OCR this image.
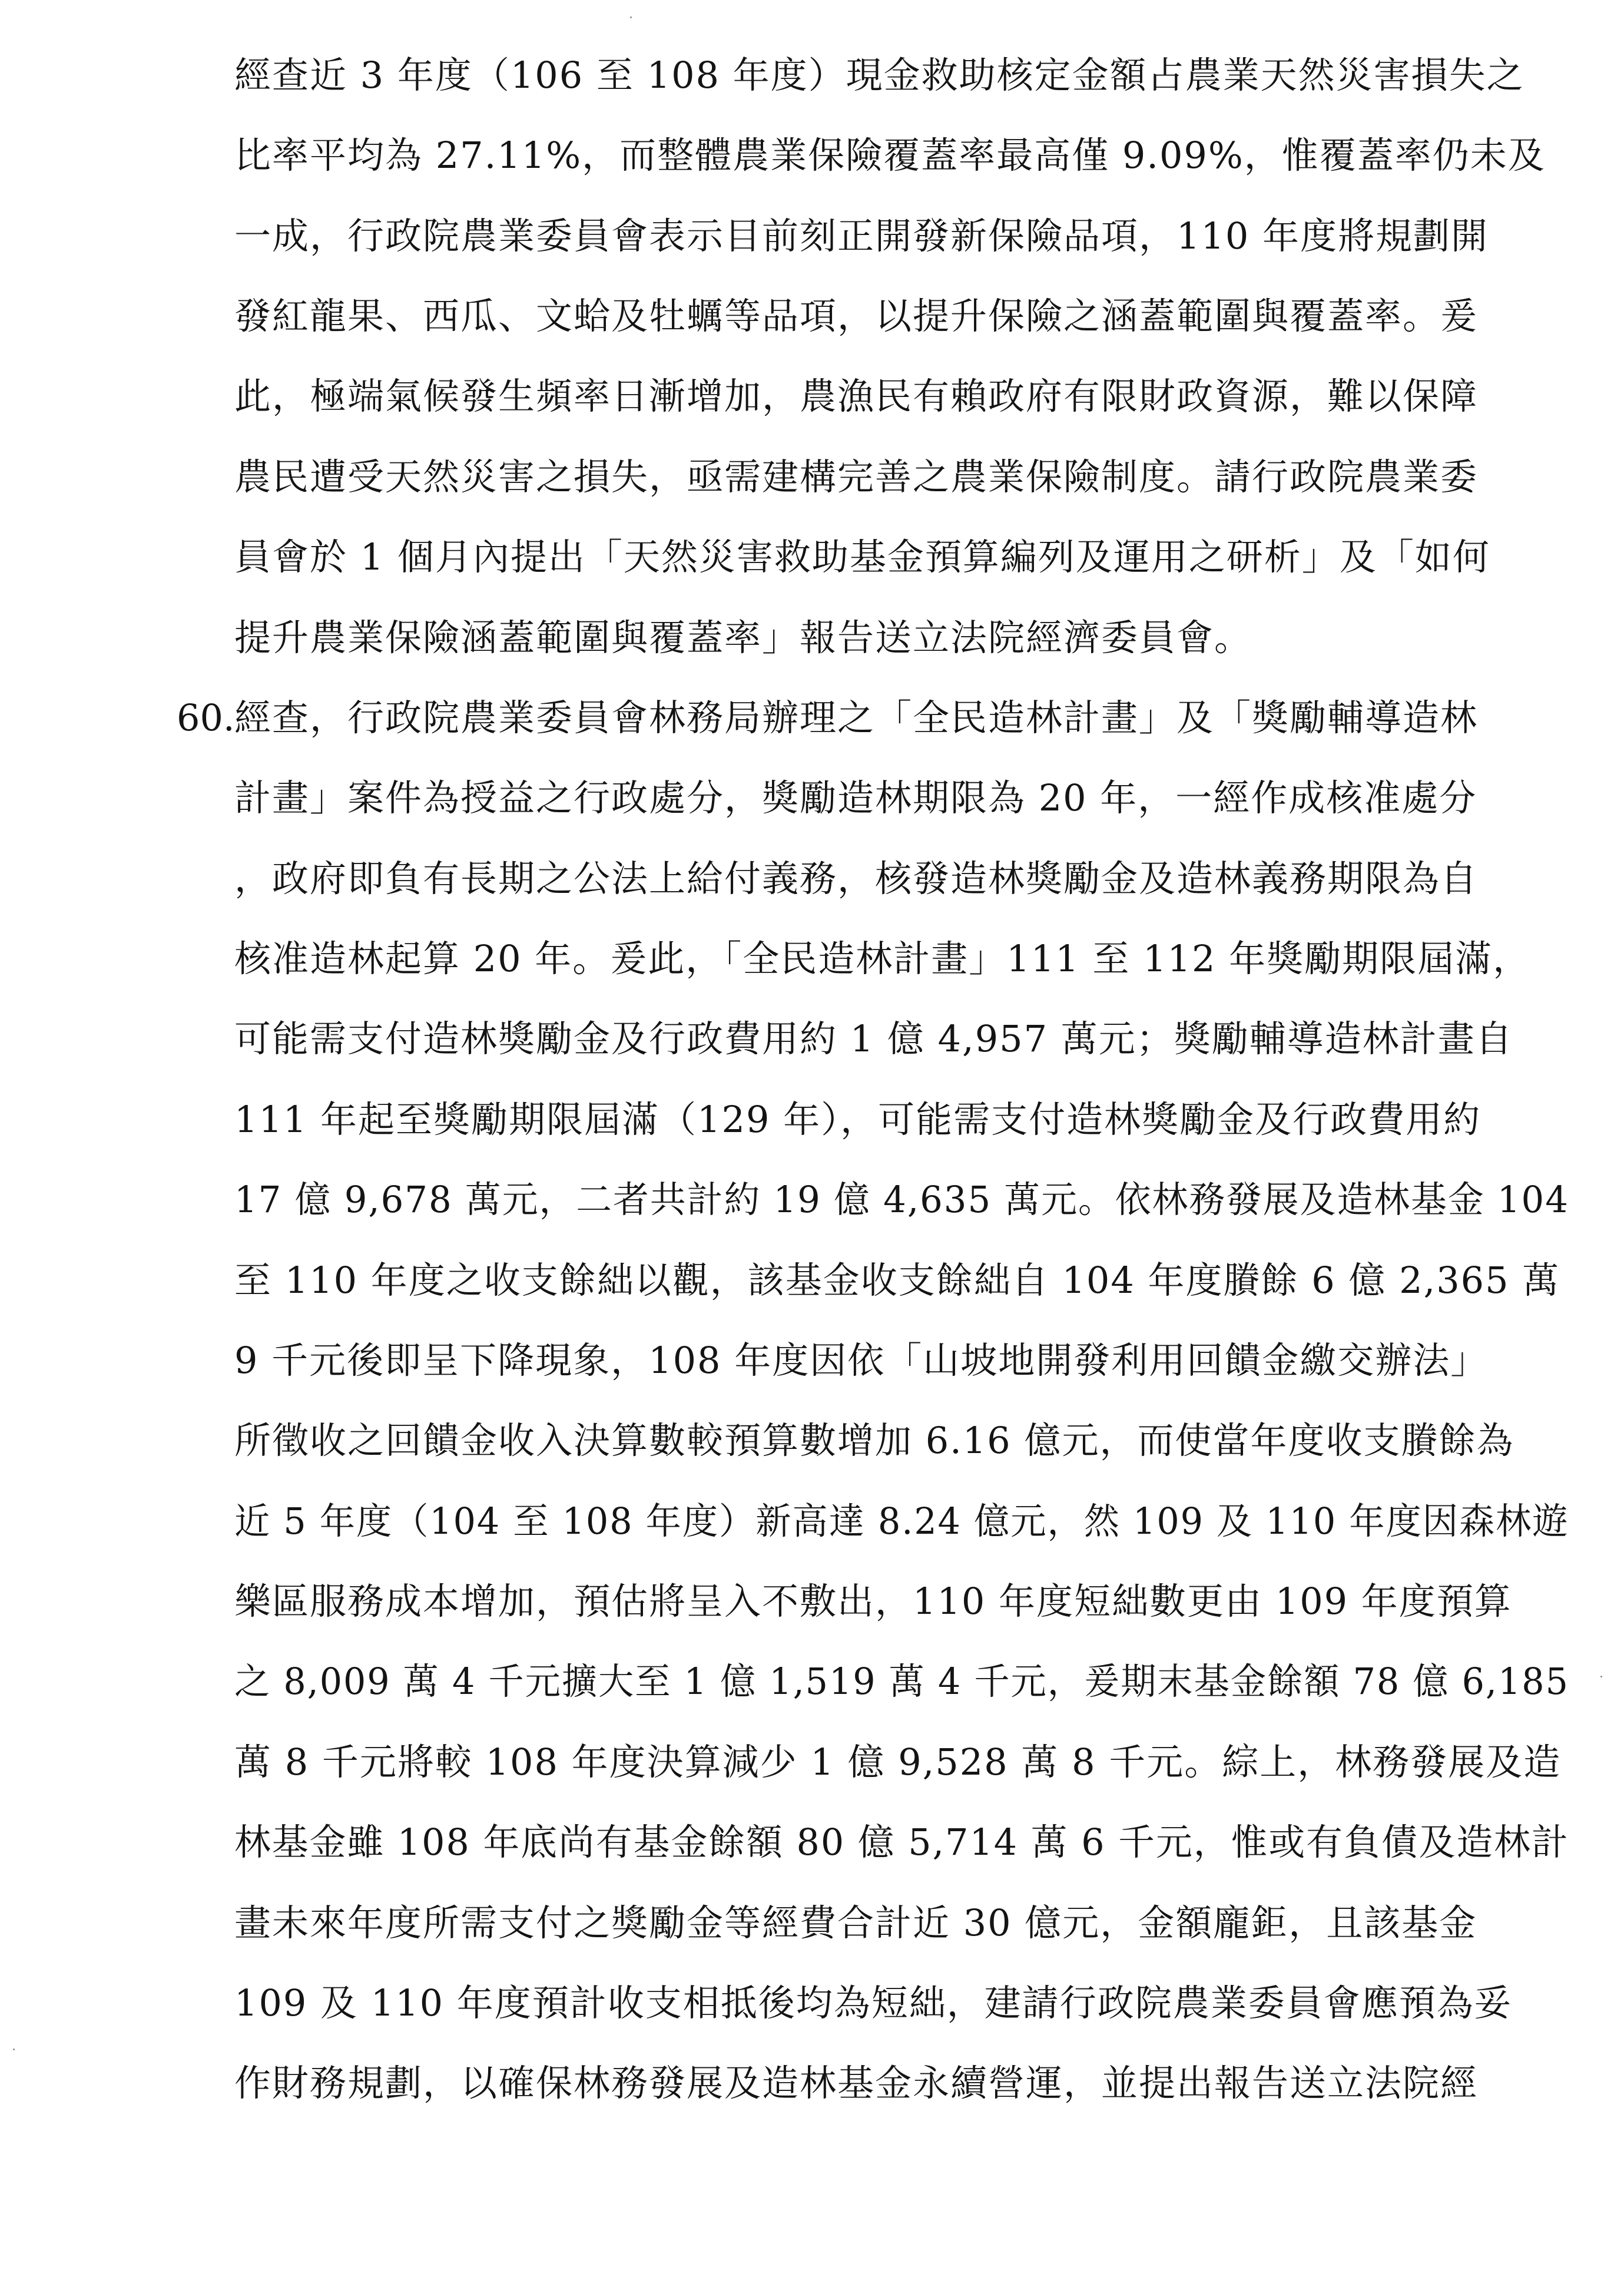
經查近 3 年度（106 至 108 年度）現金救助核定金額占農業天然災害損失之
比率平均為 27.11%，而整體農業保險覆蓋率最高僅 9.09%，惟覆蓋率仍未及
一成，行政院農業委員會表示目前刻正開發新保險品項，110 年度將規劃開
發紅龍果、西瓜、文蛤及牡蠣等品項，以提升保險之涵蓋範圍與覆蓋率。爰
此，極端氣候發生頻率日漸增加，農漁民有賴政府有限財政資源，難以保障
農民遭受天然災害之損失，亟需建構完善之農業保險制度。請行政院農業委
員會於 1 個月內提出「天然災害救助基金預算編列及運用之研析」及「如何
提升農業保險涵蓋範圍與覆蓋率」報告送立法院經濟委員會。
60. 經查，行政院農業委員會林務局辦理之「全民造林計畫」及「獎勵輔導造林
計畫」案件為授益之行政處分，獎勵造林期限為 20 年，一經作成核准處分
，政府即負有長期之公法上給付義務，核發造林獎勵金及造林義務期限為自
核准造林起算 20 年。爰此，「全民造林計畫」111 至 112 年獎勵期限屆滿，
可能需支付造林獎勵金及行政費用約 1 億 4,957 萬元；獎勵輔導造林計畫自
111 年起至獎勵期限屆滿（129 年），可能需支付造林獎勵金及行政費用約
17 億 9,678 萬元，二者共計約 19 億 4,635 萬元。依林務發展及造林基金 104
至 110 年度之收支餘絀以觀，該基金收支餘絀自 104 年度賸餘 6 億 2,365 萬
9 千元後即呈下降現象，108 年度因依「山坡地開發利用回饋金繳交辦法」
所徵收之回饋金收入決算數較預算數增加 6.16 億元，而使當年度收支賸餘為
近 5 年度（104 至 108 年度）新高達 8.24 億元，然 109 及 110 年度因森林遊
樂區服務成本增加，預估將呈入不敷出，110 年度短絀數更由 109 年度預算
之 8,009 萬 4 千元擴大至 1 億 1,519 萬 4 千元，爰期末基金餘額 78 億 6,185
萬 8 千元將較 108 年度決算減少 1 億 9,528 萬 8 千元。綜上，林務發展及造
林基金雖 108 年底尚有基金餘額 80 億 5,714 萬 6 千元，惟或有負債及造林計
畫未來年度所需支付之獎勵金等經費合計近 30 億元，金額龐鉅，且該基金
109 及 110 年度預計收支相抵後均為短絀，建請行政院農業委員會應預為妥
作財務規劃，以確保林務發展及造林基金永續營運，並提出報告送立法院經
